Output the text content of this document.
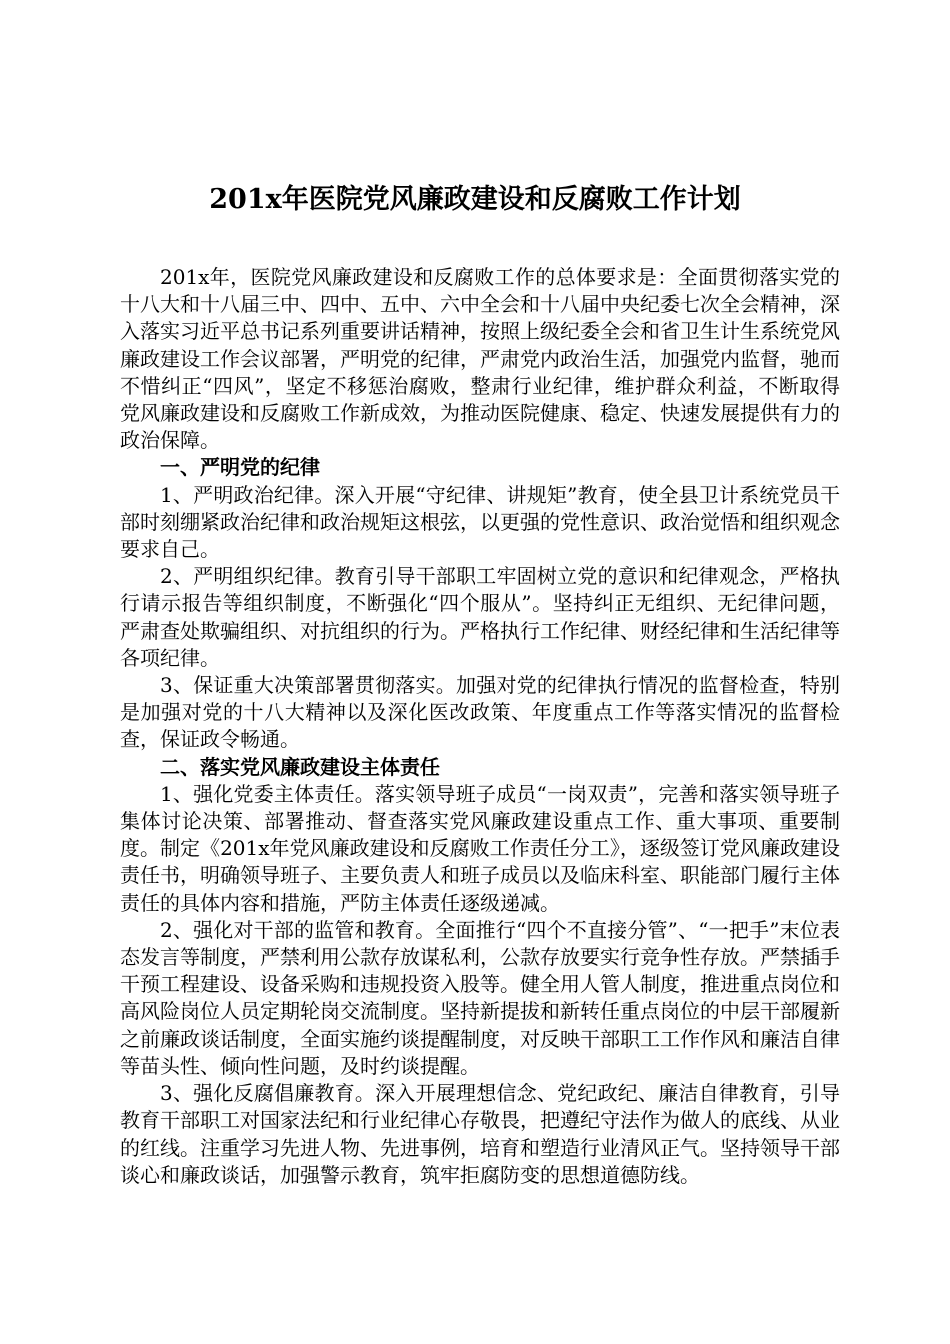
201x年医院党风廉政建设和反腐败工作计划

201x年，医院党风廉政建设和反腐败工作的总体要求是：全面贯彻落实党的十八大和十八届三中、四中、五中、六中全会和十八届中央纪委七次全会精神，深入落实习近平总书记系列重要讲话精神，按照上级纪委全会和省卫生计生系统党风廉政建设工作会议部署，严明党的纪律，严肃党内政治生活，加强党内监督，驰而不惜纠正“四风”，坚定不移惩治腐败，整肃行业纪律，维护群众利益，不断取得党风廉政建设和反腐败工作新成效，为推动医院健康、稳定、快速发展提供有力的政治保障。

一、严明党的纪律

1、严明政治纪律。深入开展“守纪律、讲规矩”教育，使全县卫计系统党员干部时刻绷紧政治纪律和政治规矩这根弦，以更强的党性意识、政治觉悟和组织观念要求自己。

2、严明组织纪律。教育引导干部职工牢固树立党的意识和纪律观念，严格执行请示报告等组织制度，不断强化“四个服从”。坚持纠正无组织、无纪律问题，严肃查处欺骗组织、对抗组织的行为。严格执行工作纪律、财经纪律和生活纪律等各项纪律。

3、保证重大决策部署贯彻落实。加强对党的纪律执行情况的监督检查，特别是加强对党的十八大精神以及深化医改政策、年度重点工作等落实情况的监督检查，保证政令畅通。

二、落实党风廉政建设主体责任

1、强化党委主体责任。落实领导班子成员“一岗双责”，完善和落实领导班子集体讨论决策、部署推动、督查落实党风廉政建设重点工作、重大事项、重要制度。制定《201x年党风廉政建设和反腐败工作责任分工》，逐级签订党风廉政建设责任书，明确领导班子、主要负责人和班子成员以及临床科室、职能部门履行主体责任的具体内容和措施，严防主体责任逐级递减。

2、强化对干部的监管和教育。全面推行“四个不直接分管”、“一把手”末位表态发言等制度，严禁利用公款存放谋私利，公款存放要实行竞争性存放。严禁插手干预工程建设、设备采购和违规投资入股等。健全用人管人制度，推进重点岗位和高风险岗位人员定期轮岗交流制度。坚持新提拔和新转任重点岗位的中层干部履新之前廉政谈话制度，全面实施约谈提醒制度，对反映干部职工工作作风和廉洁自律等苗头性、倾向性问题，及时约谈提醒。

3、强化反腐倡廉教育。深入开展理想信念、党纪政纪、廉洁自律教育，引导教育干部职工对国家法纪和行业纪律心存敬畏，把遵纪守法作为做人的底线、从业的红线。注重学习先进人物、先进事例，培育和塑造行业清风正气。坚持领导干部谈心和廉政谈话，加强警示教育，筑牢拒腐防变的思想道德防线。
